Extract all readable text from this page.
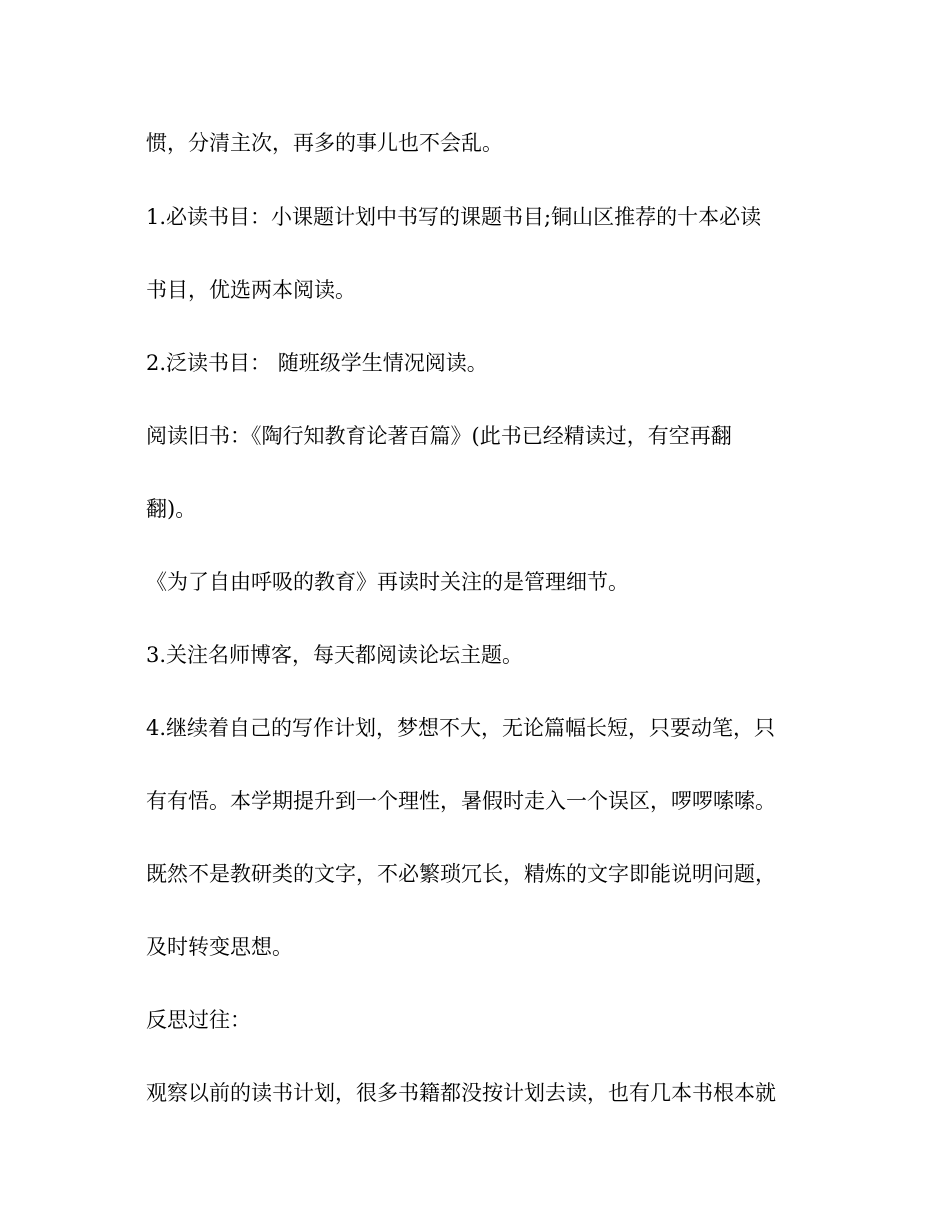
惯，分清主次，再多的事儿也不会乱。
1.必读书目：小课题计划中书写的课题书目;铜山区推荐的十本必读
书目，优选两本阅读。
2.泛读书目： 随班级学生情况阅读。
阅读旧书：《陶行知教育论著百篇》(此书已经精读过，有空再翻
翻)。
《为了自由呼吸的教育》再读时关注的是管理细节。
3.关注名师博客，每天都阅读论坛主题。
4.继续着自己的写作计划，梦想不大，无论篇幅长短，只要动笔，只
有有悟。本学期提升到一个理性，暑假时走入一个误区，啰啰嗦嗦。
既然不是教研类的文字，不必繁琐冗长，精炼的文字即能说明问题，
及时转变思想。
反思过往：
观察以前的读书计划，很多书籍都没按计划去读，也有几本书根本就
